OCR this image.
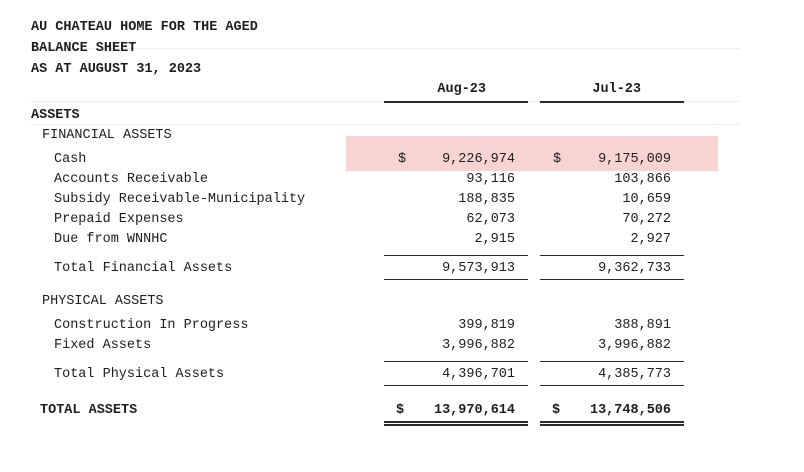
AU CHATEAU HOME FOR THE AGED
BALANCE SHEET
AS AT AUGUST 31, 2023
Aug-23	Jul-23
ASSETS
FINANCIAL ASSETS
Cash	$	9,226,974	$	9,175,009
Accounts Receivable	93,116	103,866
Subsidy Receivable-Municipality	188,835	10,659
Prepaid Expenses	62,073	70,272
Due from WNNHC	2,915	2,927
Total Financial Assets	9,573,913	9,362,733
PHYSICAL ASSETS
Construction In Progress	399,819	388,891
Fixed Assets	3,996,882	3,996,882
Total Physical Assets	4,396,701	4,385,773
TOTAL ASSETS	$ 13,970,614	$ 13,748,506
